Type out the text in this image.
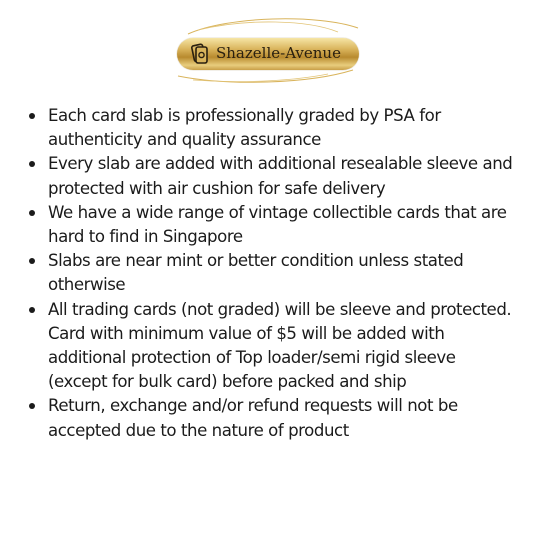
Shazelle-Avenue
Each card slab is professionally graded by PSA for authenticity and quality assurance
Every slab are added with additional resealable sleeve and protected with air cushion for safe delivery
We have a wide range of vintage collectible cards that are hard to find in Singapore
Slabs are near mint or better condition unless stated otherwise
All trading cards (not graded) will be sleeve and protected. Card with minimum value of $5 will be added with additional protection of Top loader/semi rigid sleeve (except for bulk card) before packed and ship
Return, exchange and/or refund requests will not be accepted due to the nature of product
